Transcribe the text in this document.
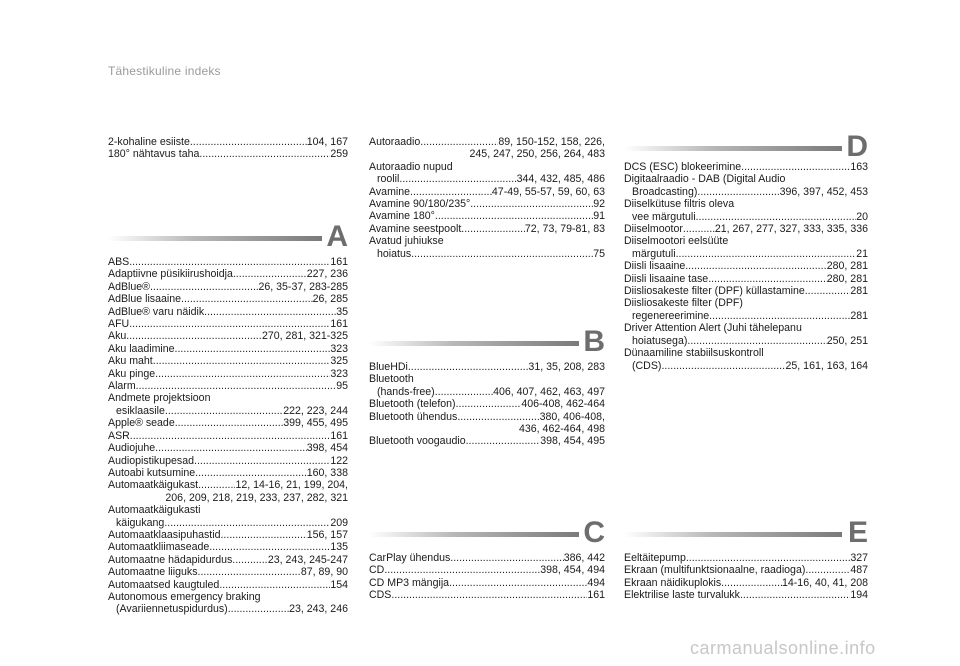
Tähestikuline indeks
2-kohaline esiiste .....	104, 167
180° nähtavus taha .....	259
A
ABS .....	161
Adaptiivne püsikiirushoidja .....	227, 236
AdBlue® .....	26, 35-37, 283-285
AdBlue lisaaine .....	26, 285
AdBlue® varu näidik .....	35
AFU .....	161
Aku .....	270, 281, 321-325
Aku laadimine .....	323
Aku maht .....	325
Aku pinge .....	323
Alarm .....	95
Andmete projektsioon
esiklaasile .....	222, 223, 244
Apple® seade .....	399, 455, 495
ASR .....	161
Audiojuhe .....	398, 454
Audiopistikupesad .....	122
Autoabi kutsumine .....	160, 338
Automaatkäigukast .....	12, 14-16, 21, 199, 204,
206, 209, 218, 219, 233, 237, 282, 321
Automaatkäigukasti
käigukang .....	209
Automaatklaasipuhastid .....	156, 157
Automaatkliimaseade .....	135
Automaatne hädapidurdus .....	23, 243, 245-247
Automaatne liiguks .....	87, 89, 90
Automaatsed kaugtuled .....	154
Autonomous emergency braking
(Avariiennetuspidurdus) .....	23, 243, 246
Autoraadio .....	89, 150-152, 158, 226,
245, 247, 250, 256, 264, 483
Autoraadio nupud
roolil .....	344, 432, 485, 486
Avamine .....	47-49, 55-57, 59, 60, 63
Avamine 90/180/235° .....	92
Avamine 180° .....	91
Avamine seestpoolt .....	72, 73, 79-81, 83
Avatud juhiukse
hoiatus .....	75
B
BlueHDi .....	31, 35, 208, 283
Bluetooth
(hands-free) .....	406, 407, 462, 463, 497
Bluetooth (telefon) .....	406-408, 462-464
Bluetooth ühendus .....	380, 406-408,
436, 462-464, 498
Bluetooth voogaudio .....	398, 454, 495
C
CarPlay ühendus .....	386, 442
CD .....	398, 454, 494
CD MP3 mängija .....	494
CDS .....	161
D
DCS (ESC) blokeerimine .....	163
Digitaalraadio - DAB (Digital Audio
Broadcasting) .....	396, 397, 452, 453
Diiselkütuse filtris oleva
vee märgutuli .....	20
Diiselmootor .....	21, 267, 277, 327, 333, 335, 336
Diiselmootori eelsüüte
märgutuli .....	21
Diisli lisaaine .....	280, 281
Diisli lisaaine tase .....	280, 281
Diisliosakeste filter (DPF) küllastamine .....	281
Diisliosakeste filter (DPF)
regenereerimine .....	281
Driver Attention Alert (Juhi tähelepanu
hoiatusega) .....	250, 251
Dünaamiline stabiilsuskontroll
(CDS) .....	25, 161, 163, 164
E
Eeltäitepump .....	327
Ekraan (multifunktsionaalne, raadioga) .....	487
Ekraan näidikuplokis .....	14-16, 40, 41, 208
Elektrilise laste turvalukk .....	194
carmanualsonline.info
